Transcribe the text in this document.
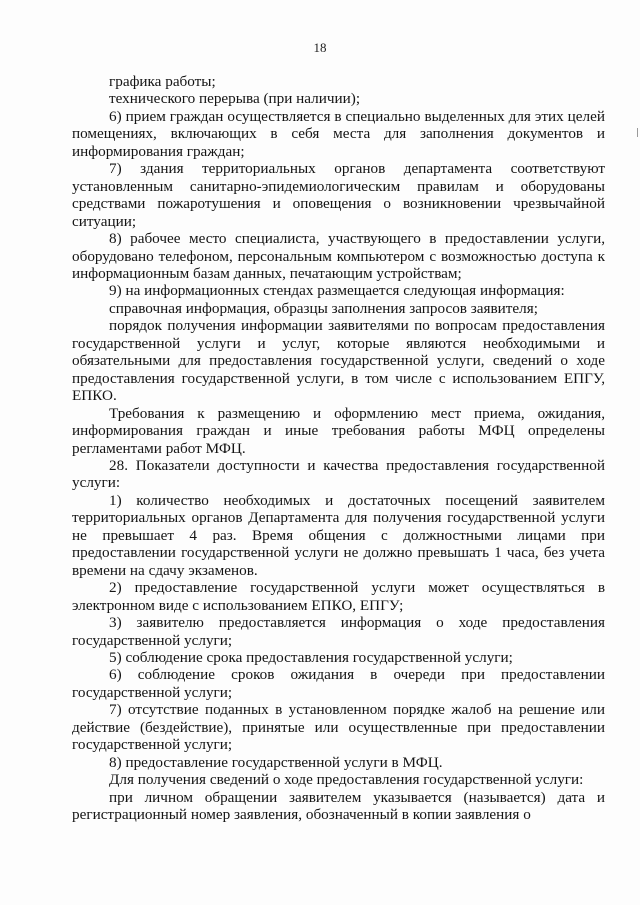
18

графика работы;

технического перерыва (при наличии);

6) прием граждан осуществляется в специально выделенных для этих целей помещениях, включающих в себя места для заполнения документов и информирования граждан;

7) здания территориальных органов департамента соответствуют установленным санитарно-эпидемиологическим правилам и оборудованы средствами пожаротушения и оповещения о возникновении чрезвычайной ситуации;

8) рабочее место специалиста, участвующего в предоставлении услуги, оборудовано телефоном, персональным компьютером с возможностью доступа к информационным базам данных, печатающим устройствам;

9) на информационных стендах размещается следующая информация:

справочная информация, образцы заполнения запросов заявителя;

порядок получения информации заявителями по вопросам предоставления государственной услуги и услуг, которые являются необходимыми и обязательными для предоставления государственной услуги, сведений о ходе предоставления государственной услуги, в том числе с использованием ЕПГУ, ЕПКО.

Требования к размещению и оформлению мест приема, ожидания, информирования граждан и иные требования работы МФЦ определены регламентами работ МФЦ.

28. Показатели доступности и качества предоставления государственной услуги:

1) количество необходимых и достаточных посещений заявителем территориальных органов Департамента для получения государственной услуги не превышает 4 раз. Время общения с должностными лицами при предоставлении государственной услуги не должно превышать 1 часа, без учета времени на сдачу экзаменов.

2) предоставление государственной услуги может осуществляться в электронном виде с использованием ЕПКО, ЕПГУ;

3) заявителю предоставляется информация о ходе предоставления государственной услуги;

5) соблюдение срока предоставления государственной услуги;

6) соблюдение сроков ожидания в очереди при предоставлении государственной услуги;

7) отсутствие поданных в установленном порядке жалоб на решение или действие (бездействие), принятые или осуществленные при предоставлении государственной услуги;

8) предоставление государственной услуги в МФЦ.

Для получения сведений о ходе предоставления государственной услуги:

при личном обращении заявителем указывается (называется) дата и регистрационный номер заявления, обозначенный в копии заявления о
